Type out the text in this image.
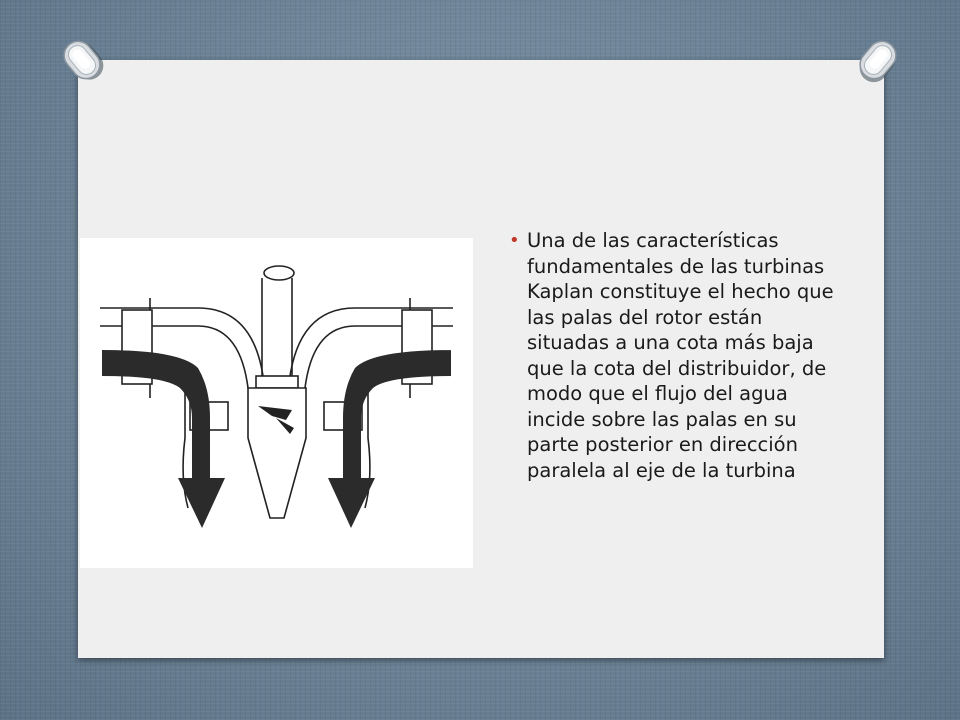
• Una de las características fundamentales de las turbinas Kaplan constituye el hecho que las palas del rotor están situadas a una cota más baja que la cota del distribuidor, de modo que el flujo del agua incide sobre las palas en su parte posterior en dirección paralela al eje de la turbina
